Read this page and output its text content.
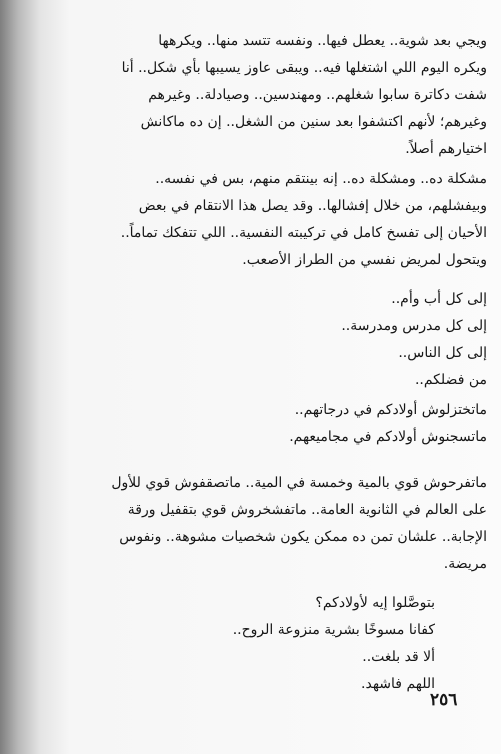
ويجي بعد شوية.. يعطل فيها.. ونفسه تتسد منها.. ويكرهها
ويكره اليوم اللي اشتغلها فيه.. ويبقى عاوز يسيبها بأي شكل.. أنا
شفت دكاترة سابوا شغلهم.. ومهندسين.. وصيادلة.. وغيرهم
وغيرهم؛ لأنهم اكتشفوا بعد سنين من الشغل.. إن ده ماكانش
اختيارهم أصلاً.
مشكلة ده.. ومشكلة ده.. إنه بينتقم منهم، بس في نفسه..
وبيفشلهم، من خلال إفشالها.. وقد يصل هذا الانتقام في بعض
الأحيان إلى تفسخ كامل في تركيبته النفسية.. اللي تتفكك تماماً..
ويتحول لمريض نفسي من الطراز الأصعب.
إلى كل أب وأم..
إلى كل مدرس ومدرسة..
إلى كل الناس..
من فضلكم..
ماتختزلوش أولادكم في درجاتهم..
ماتسجنوش أولادكم في مجاميعهم.
ماتفرحوش قوي بالمية وخمسة في المية.. ماتصقفوش قوي للأول
على العالم في الثانوية العامة.. ماتفشخروش قوي بتقفيل ورقة
الإجابة.. علشان تمن ده ممكن يكون شخصيات مشوهة.. ونفوس
مريضة.
بتوصَّلوا إيه لأولادكم؟
كفانا مسوخًا بشرية منزوعة الروح..
ألا قد بلغت..
اللهم فاشهد.
٢٥٦
